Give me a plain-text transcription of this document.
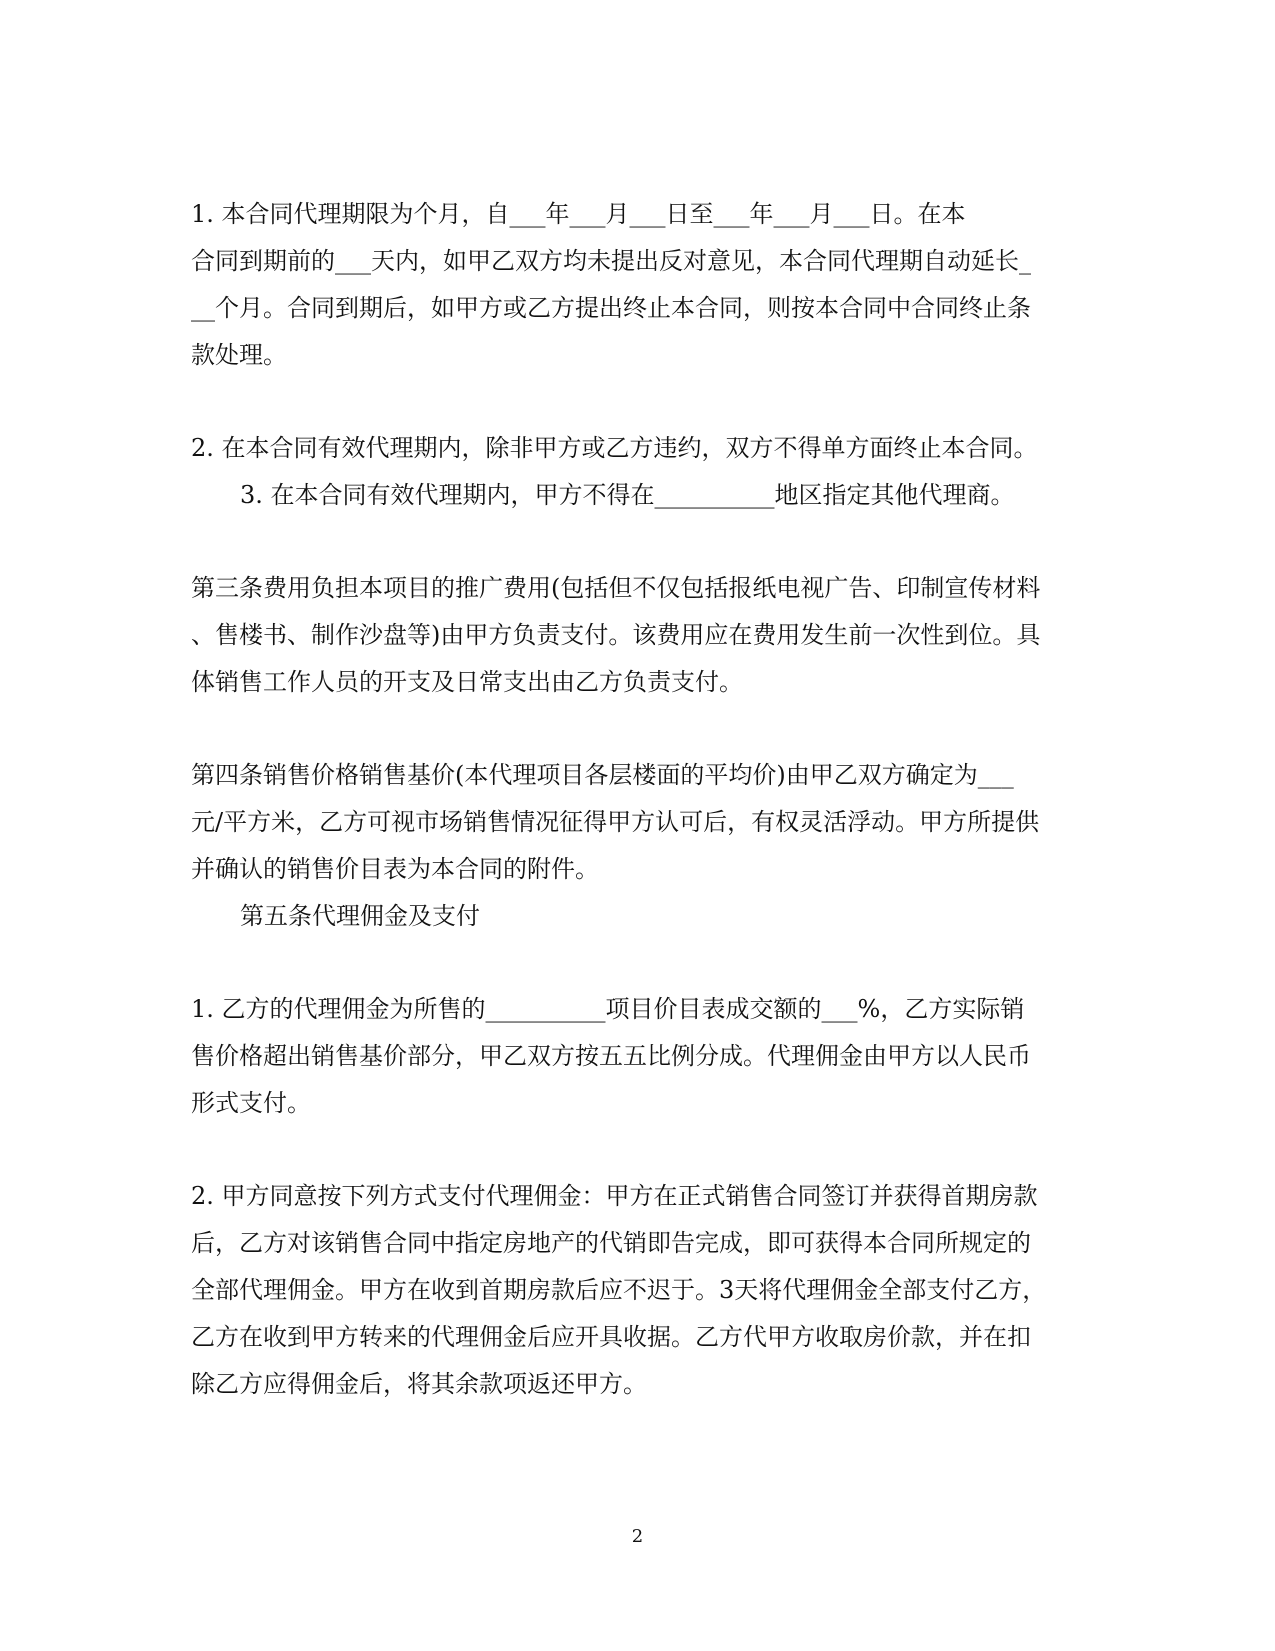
1. 本合同代理期限为个月，自___年___月___日至___年___月___日。在本
合同到期前的___天内，如甲乙双方均未提出反对意见，本合同代理期自动延长_
__个月。合同到期后，如甲方或乙方提出终止本合同，则按本合同中合同终止条
款处理。
2. 在本合同有效代理期内，除非甲方或乙方违约，双方不得单方面终止本合同。
3. 在本合同有效代理期内，甲方不得在__________地区指定其他代理商。
第三条费用负担本项目的推广费用(包括但不仅包括报纸电视广告、印制宣传材料
、售楼书、制作沙盘等)由甲方负责支付。该费用应在费用发生前一次性到位。具
体销售工作人员的开支及日常支出由乙方负责支付。
第四条销售价格销售基价(本代理项目各层楼面的平均价)由甲乙双方确定为___
元/平方米，乙方可视市场销售情况征得甲方认可后，有权灵活浮动。甲方所提供
并确认的销售价目表为本合同的附件。
第五条代理佣金及支付
1. 乙方的代理佣金为所售的__________项目价目表成交额的___%，乙方实际销
售价格超出销售基价部分，甲乙双方按五五比例分成。代理佣金由甲方以人民币
形式支付。
2. 甲方同意按下列方式支付代理佣金：甲方在正式销售合同签订并获得首期房款
后，乙方对该销售合同中指定房地产的代销即告完成，即可获得本合同所规定的
全部代理佣金。甲方在收到首期房款后应不迟于。3天将代理佣金全部支付乙方，
乙方在收到甲方转来的代理佣金后应开具收据。乙方代甲方收取房价款，并在扣
除乙方应得佣金后，将其余款项返还甲方。
2
